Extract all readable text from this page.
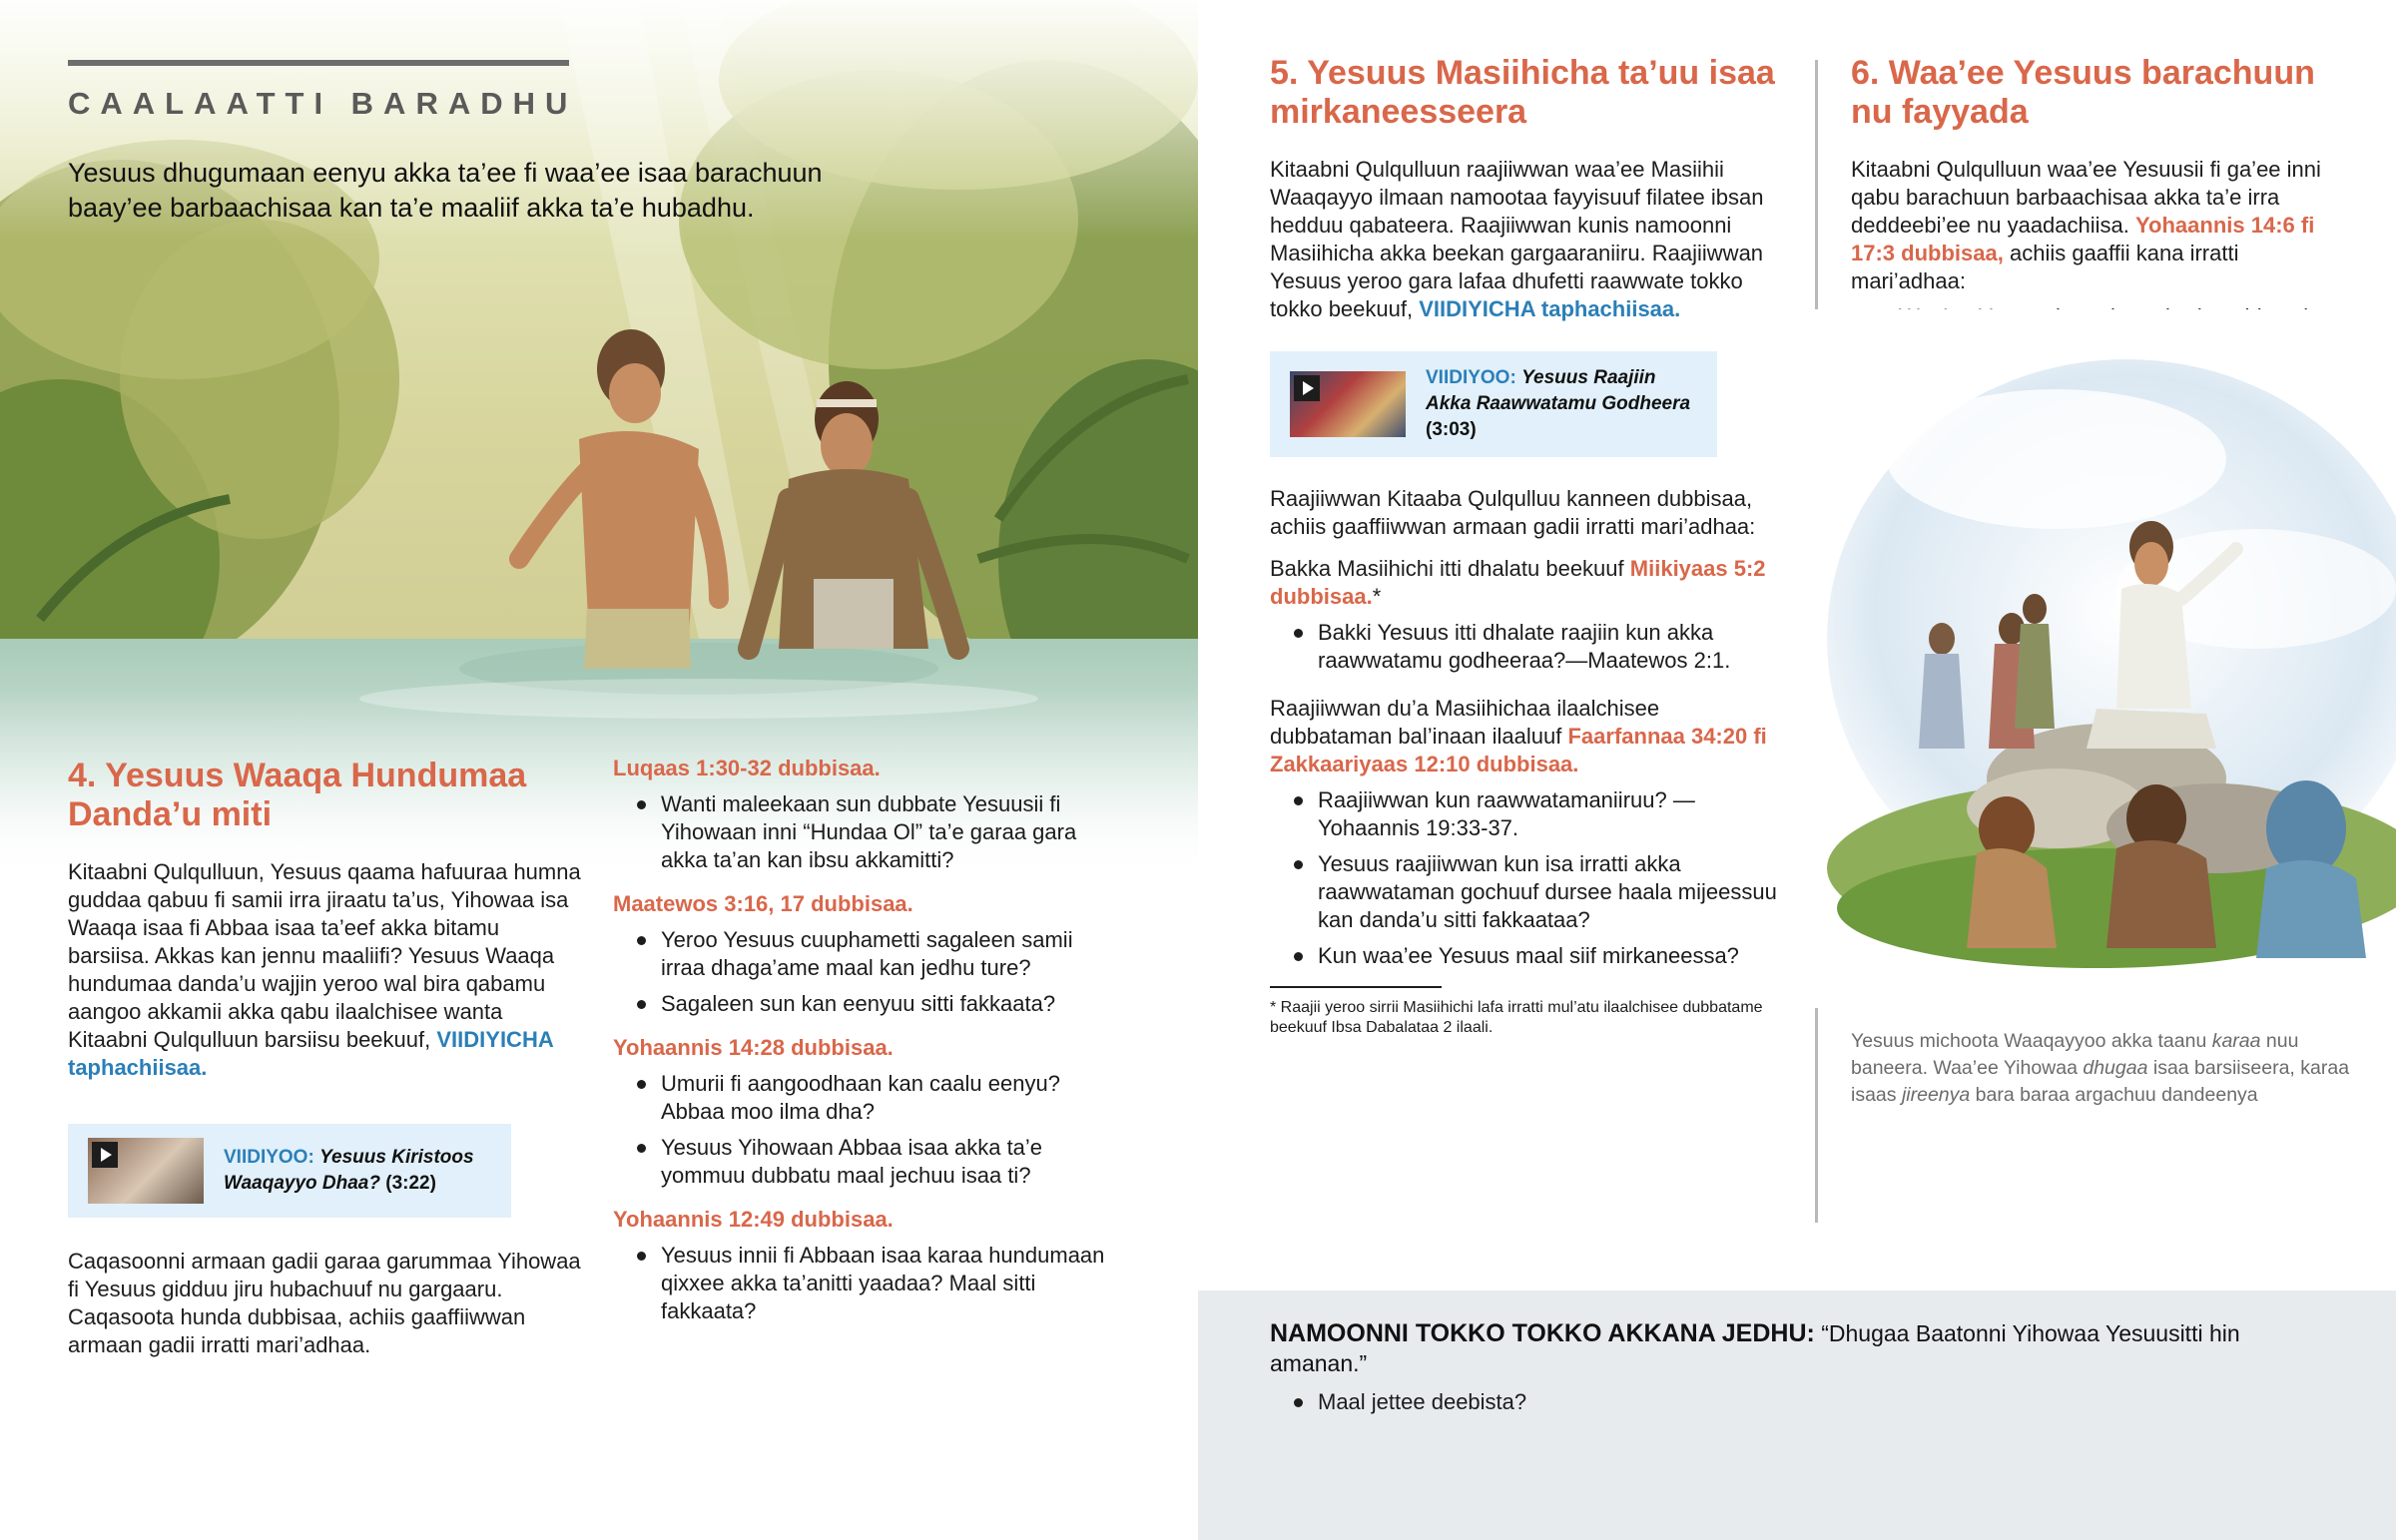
CAALAATTI BARADHU
Yesuus dhugumaan eenyu akka ta’ee fi waa’ee isaa barachuun baay’ee barbaachisaa kan ta’e maaliif akka ta’e hubadhu.
4. Yesuus Waaqa Hundumaa Danda’u miti

Kitaabni Qulqulluun, Yesuus qaama hafuuraa humna guddaa qabuu fi samii irra jiraatu ta’us, Yihowaa isa Waaqa isaa fi Abbaa isaa ta’eef akka bitamu barsiisa. Akkas kan jennu maaliifi? Yesuus Waaqa hundumaa danda’u wajjin yeroo wal bira qabamu aangoo akkamii akka qabu ilaalchisee wanta Kitaabni Qulqulluun barsiisu beekuuf, VIIDIYICHA taphachiisaa.

VIIDIYOO: Yesuus Kiristoos Waaqayyo Dhaa? (3:22)

Caqasoonni armaan gadii garaa garummaa Yihowaa fi Yesuus gidduu jiru hubachuuf nu gargaaru. Caqasoota hunda dubbisaa, achiis gaaffiiwwan armaan gadii irratti mari’adhaa.

Luqaas 1:30-32 dubbisaa.
Wanti maleekaan sun dubbate Yesuusii fi Yihowaan inni “Hundaa Ol” ta’e garaa gara akka ta’an kan ibsu akkamitti?
Maatewos 3:16, 17 dubbisaa.
Yeroo Yesuus cuuphametti sagaleen samii irraa dhaga’ame maal kan jedhu ture?
Sagaleen sun kan eenyuu sitti fakkaata?
Yohaannis 14:28 dubbisaa.
Umurii fi aangoodhaan kan caalu eenyu? Abbaa moo ilma dha?
Yesuus Yihowaan Abbaa isaa akka ta’e yommuu dubbatu maal jechuu isaa ti?
Yohaannis 12:49 dubbisaa.
Yesuus innii fi Abbaan isaa karaa hundumaan qixxee akka ta’anitti yaadaa? Maal sitti fakkaata?
5. Yesuus Masiihicha ta’uu isaa mirkaneesseera

Kitaabni Qulqulluun raajiiwwan waa’ee Masiihii Waaqayyo ilmaan namootaa fayyisuuf filatee ibsan hedduu qabateera. Raajiiwwan kunis namoonni Masiihicha akka beekan gargaaraniiru. Raajiiwwan Yesuus yeroo gara lafaa dhufetti raawwate tokko tokko beekuuf, VIIDIYICHA taphachiisaa.

VIIDIYOO: Yesuus Raajiin Akka Raawwatamu Godheera (3:03)

Raajiiwwan Kitaaba Qulqulluu kanneen dubbisaa, achiis gaaffiiwwan armaan gadii irratti mari’adhaa:

Bakka Masiihichi itti dhalatu beekuuf Miikiyaas 5:2 dubbisaa.*

Bakki Yesuus itti dhalate raajiin kun akka raawwatamu godheeraa?—Maatewos 2:1.

Raajiiwwan du’a Masiihichaa ilaalchisee dubbataman bal’inaan ilaaluuf Faarfannaa 34:20 fi Zakkaariyaas 12:10 dubbisaa.

Raajiiwwan kun raawwatamaniiruu? —Yohaannis 19:33-37.
Yesuus raajiiwwan kun isa irratti akka raawwataman gochuuf dursee haala mijeessuu kan danda’u sitti fakkaataa?
Kun waa’ee Yesuus maal siif mirkaneessa?

* Raajii yeroo sirrii Masiihichi lafa irratti mul’atu ilaalchisee dubbatame beekuuf Ibsa Dabalataa 2 ilaali.

6. Waa’ee Yesuus barachuun nu fayyada

Kitaabni Qulqulluun waa’ee Yesuusii fi ga’ee inni qabu barachuun barbaachisaa akka ta’e irra deddeebi’ee nu yaadachiisa. Yohaannis 14:6 fi 17:3 dubbisaa, achiis gaaffii kana irratti mari’adhaa:

Yesuus michoota Waaqayyoo akka taanu karaa nuu baneera. Waa’ee Yihowaa dhugaa isaa barsiiseera, karaa isaas jireenya bara baraa argachuu dandeenya

NAMOONNI TOKKO TOKKO AKKANA JEDHU: “Dhugaa Baatonni Yihowaa Yesuusitti hin amanan.”

Maal jettee deebista?
